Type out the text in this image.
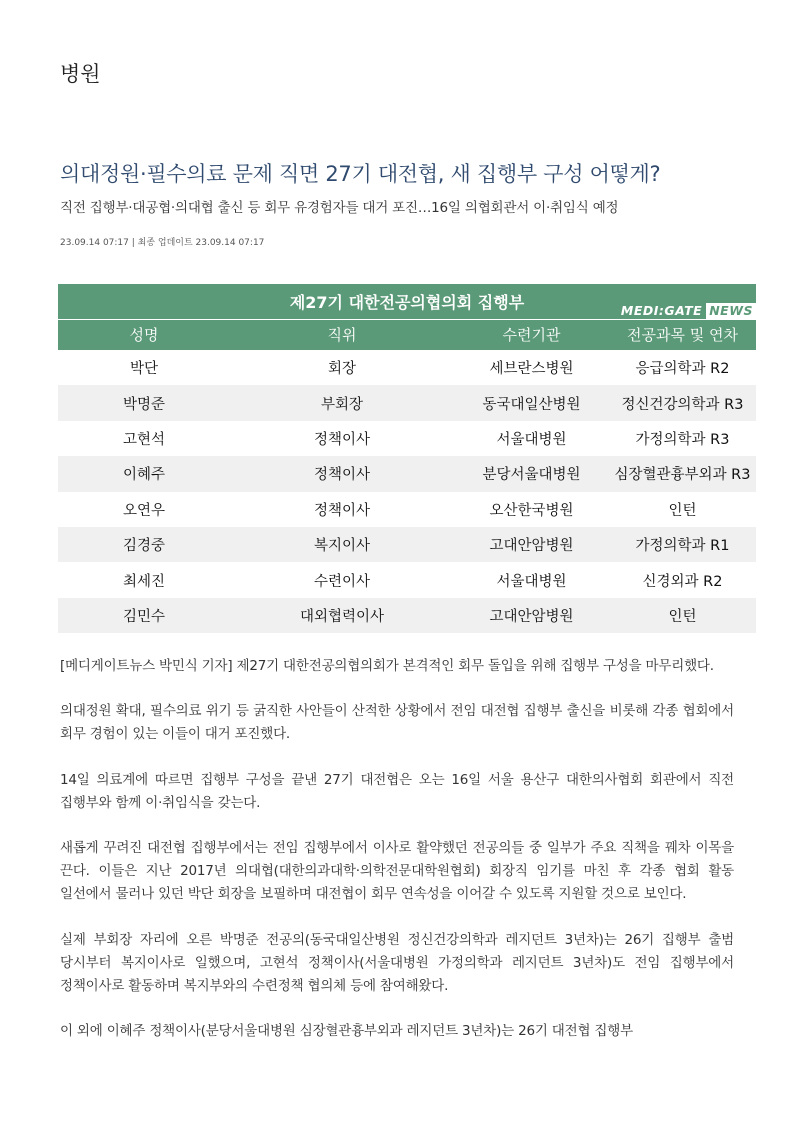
병원
의대정원·필수의료 문제 직면 27기 대전협, 새 집행부 구성 어떻게?
직전 집행부·대공협·의대협 출신 등 회무 유경험자들 대거 포진…16일 의협회관서 이·취임식 예정
23.09.14 07:17 | 최종 업데이트 23.09.14 07:17
제27기 대한전공의협의회 집행부	MEDI:GATE NEWS
성명	직위	수련기관	전공과목 및 연차
박단	회장	세브란스병원	응급의학과 R2
박명준	부회장	동국대일산병원	정신건강의학과 R3
고현석	정책이사	서울대병원	가정의학과 R3
이혜주	정책이사	분당서울대병원	심장혈관흉부외과 R3
오연우	정책이사	오산한국병원	인턴
김경중	복지이사	고대안암병원	가정의학과 R1
최세진	수련이사	서울대병원	신경외과 R2
김민수	대외협력이사	고대안암병원	인턴

[메디게이트뉴스 박민식 기자] 제27기 대한전공의협의회가 본격적인 회무 돌입을 위해 집행부 구성을 마무리했다.

의대정원 확대, 필수의료 위기 등 굵직한 사안들이 산적한 상황에서 전임 대전협 집행부 출신을 비롯해 각종 협회에서 회무 경험이 있는 이들이 대거 포진했다.

14일 의료계에 따르면 집행부 구성을 끝낸 27기 대전협은 오는 16일 서울 용산구 대한의사협회 회관에서 직전 집행부와 함께 이·취임식을 갖는다.

새롭게 꾸려진 대전협 집행부에서는 전임 집행부에서 이사로 활약했던 전공의들 중 일부가 주요 직책을 꿰차 이목을 끈다. 이들은 지난 2017년 의대협(대한의과대학·의학전문대학원협회) 회장직 임기를 마친 후 각종 협회 활동 일선에서 물러나 있던 박단 회장을 보필하며 대전협이 회무 연속성을 이어갈 수 있도록 지원할 것으로 보인다.

실제 부회장 자리에 오른 박명준 전공의(동국대일산병원 정신건강의학과 레지던트 3년차)는 26기 집행부 출범 당시부터 복지이사로 일했으며, 고현석 정책이사(서울대병원 가정의학과 레지던트 3년차)도 전임 집행부에서 정책이사로 활동하며 복지부와의 수련정책 협의체 등에 참여해왔다.

이 외에 이혜주 정책이사(분당서울대병원 심장혈관흉부외과 레지던트 3년차)는 26기 대전협 집행부
